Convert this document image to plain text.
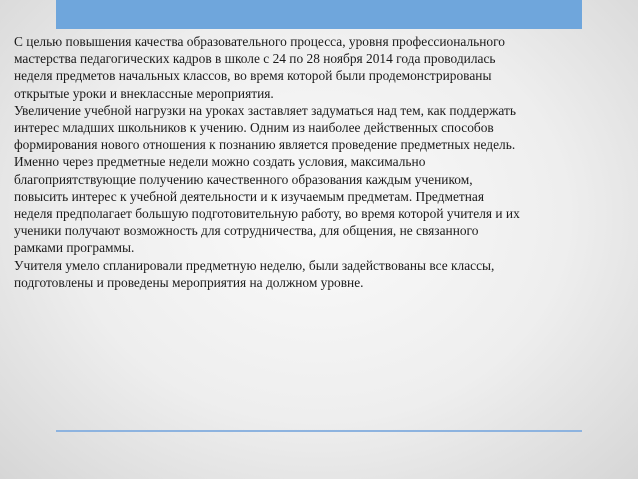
С целью повышения качества образовательного процесса, уровня профессионального
мастерства педагогических кадров в школе с 24 по 28 ноября 2014 года проводилась
неделя предметов начальных классов, во время которой были продемонстрированы
открытые уроки и внеклассные мероприятия.
Увеличение учебной нагрузки на уроках заставляет задуматься над тем, как поддержать
интерес младших школьников к учению. Одним из наиболее действенных способов
формирования нового отношения к познанию является проведение предметных недель.
Именно через предметные недели можно создать условия, максимально
благоприятствующие получению качественного образования каждым учеником,
повысить интерес к учебной деятельности и к изучаемым предметам. Предметная
неделя предполагает большую подготовительную работу, во время которой учителя и их
ученики получают возможность для сотрудничества, для общения, не связанного
рамками программы.
Учителя умело спланировали предметную неделю, были задействованы все классы,
подготовлены и проведены мероприятия на должном уровне.
